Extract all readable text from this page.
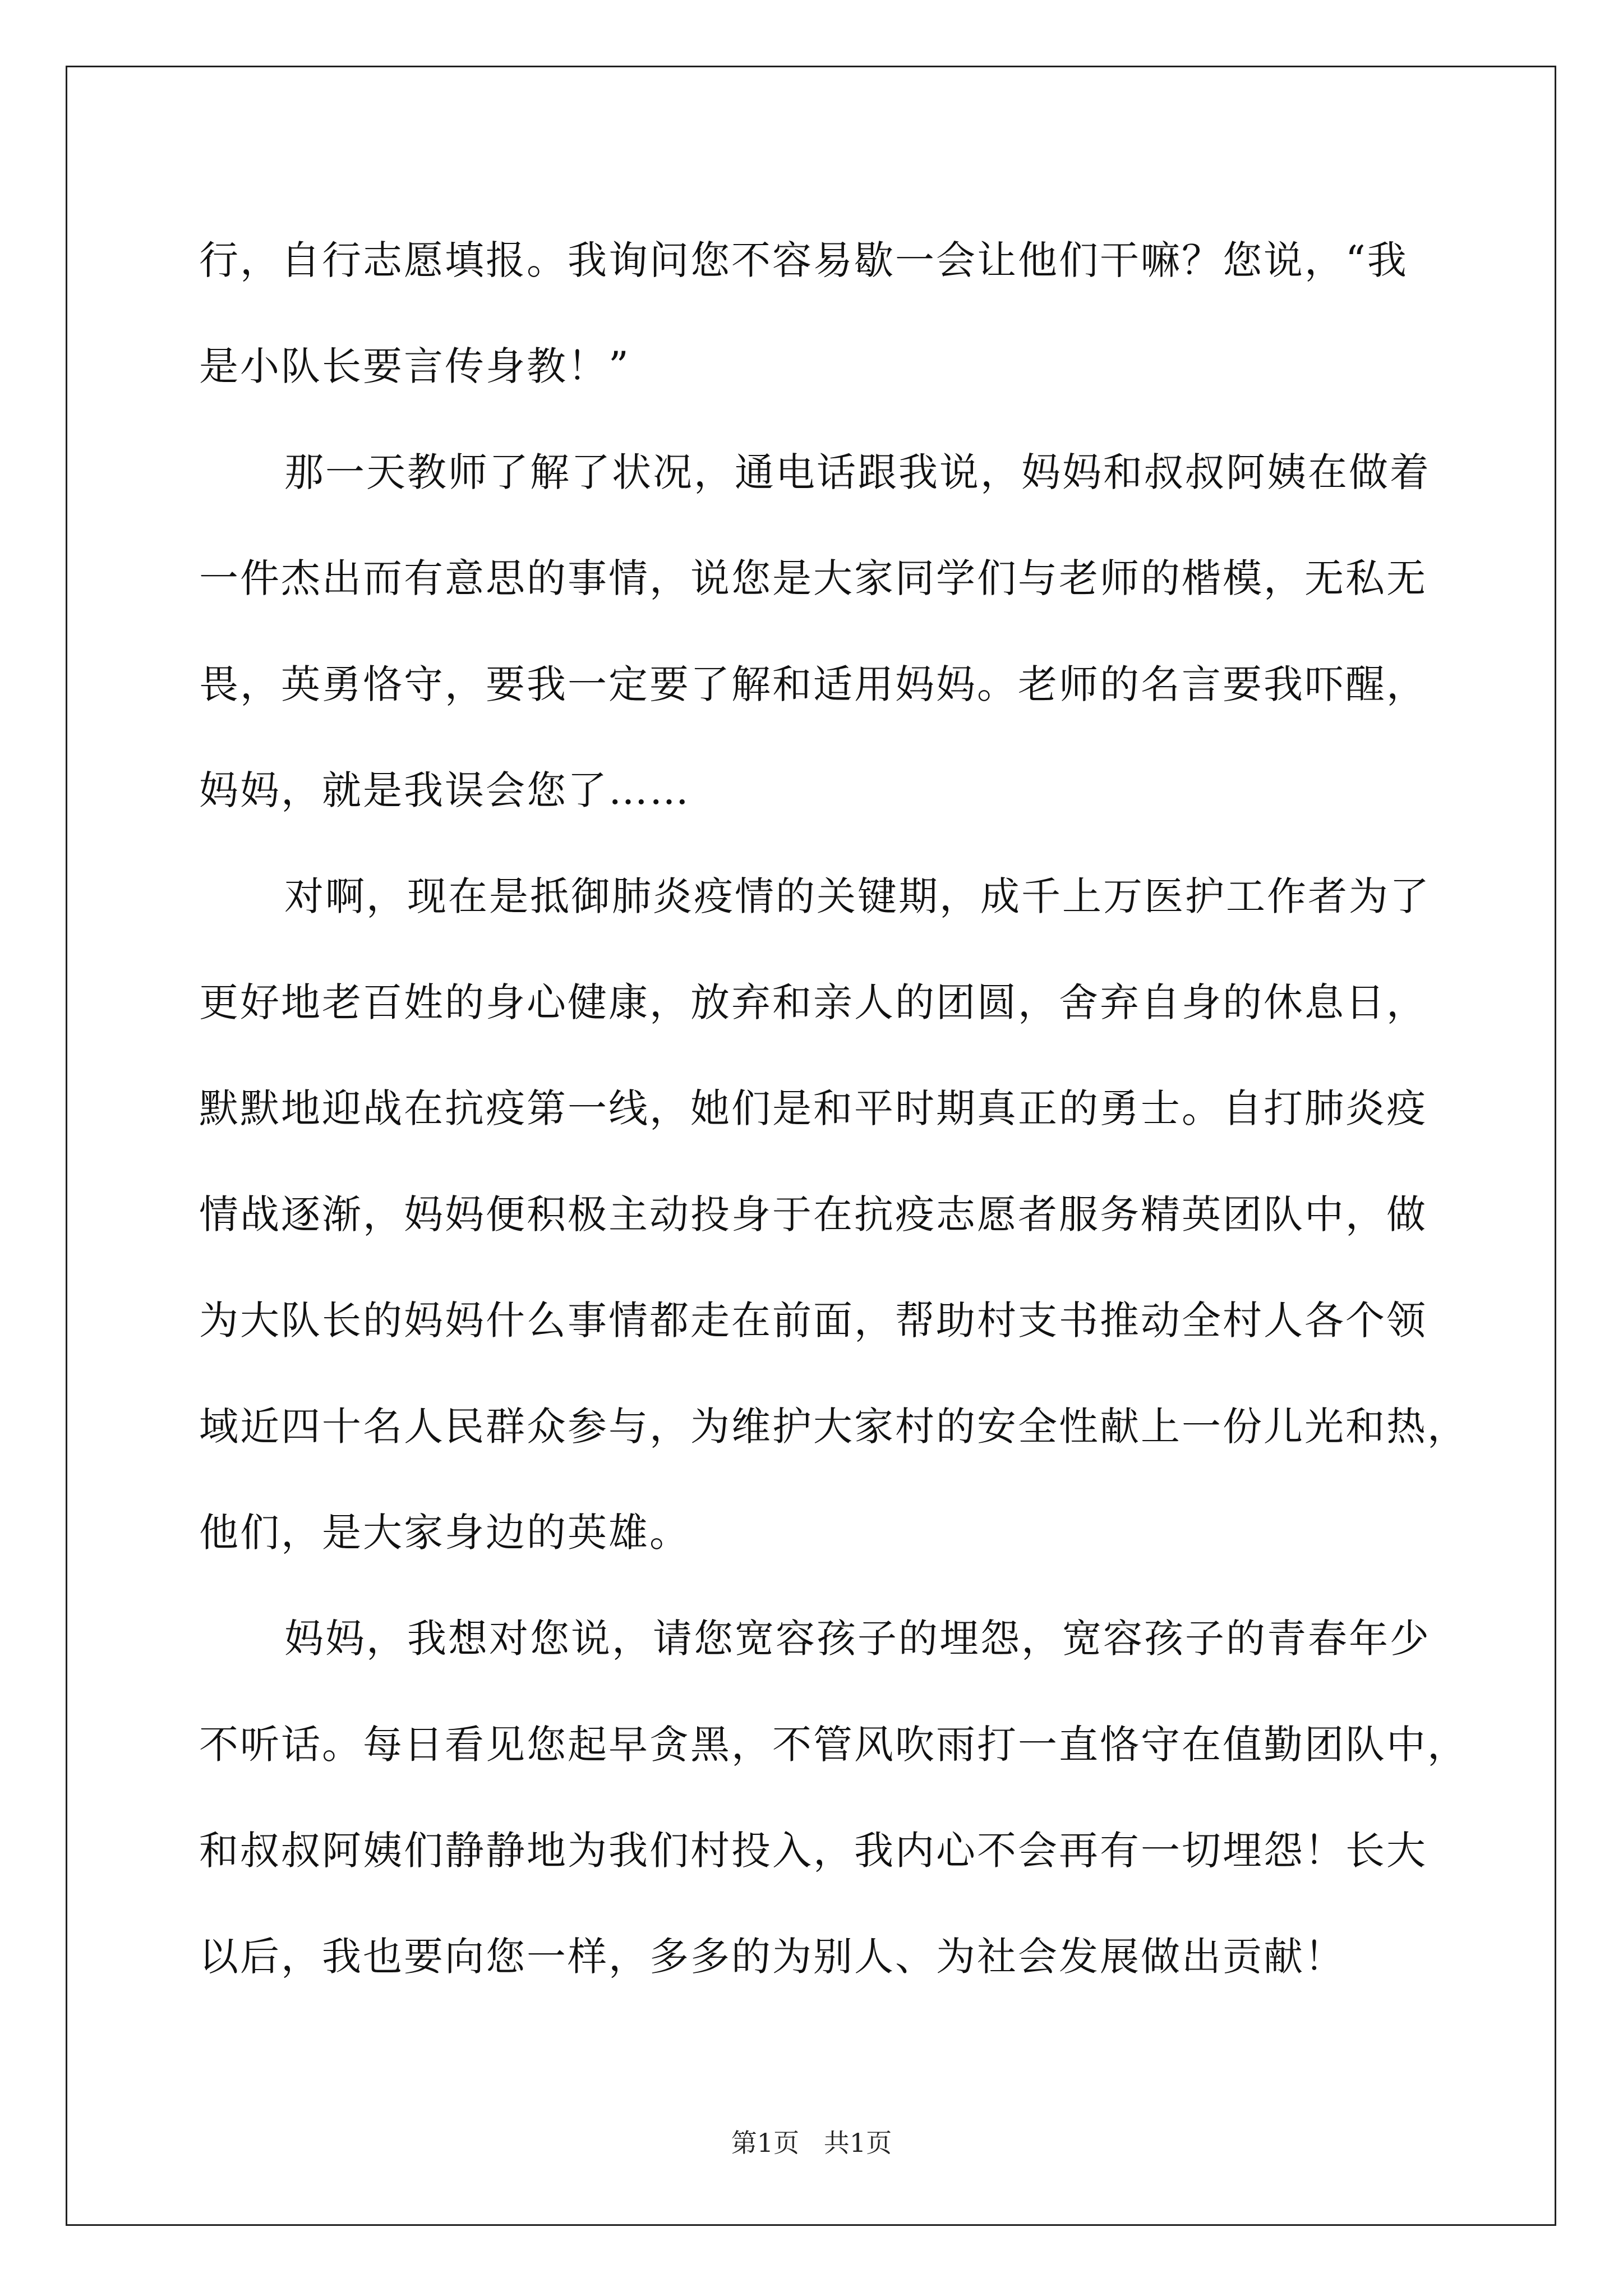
行，自行志愿填报。我询问您不容易歇一会让他们干嘛？您说，“我

是小队长要言传身教！”

那一天教师了解了状况，通电话跟我说，妈妈和叔叔阿姨在做着

一件杰出而有意思的事情，说您是大家同学们与老师的楷模，无私无

畏，英勇恪守，要我一定要了解和适用妈妈。老师的名言要我吓醒，

妈妈，就是我误会您了……

对啊，现在是抵御肺炎疫情的关键期，成千上万医护工作者为了

更好地老百姓的身心健康，放弃和亲人的团圆，舍弃自身的休息日，

默默地迎战在抗疫第一线，她们是和平时期真正的勇士。自打肺炎疫

情战逐渐，妈妈便积极主动投身于在抗疫志愿者服务精英团队中，做

为大队长的妈妈什么事情都走在前面，帮助村支书推动全村人各个领

域近四十名人民群众参与，为维护大家村的安全性献上一份儿光和热，

他们，是大家身边的英雄。

妈妈，我想对您说，请您宽容孩子的埋怨，宽容孩子的青春年少

不听话。每日看见您起早贪黑，不管风吹雨打一直恪守在值勤团队中，

和叔叔阿姨们静静地为我们村投入，我内心不会再有一切埋怨！长大

以后，我也要向您一样，多多的为别人、为社会发展做出贡献！

第1页   共1页
